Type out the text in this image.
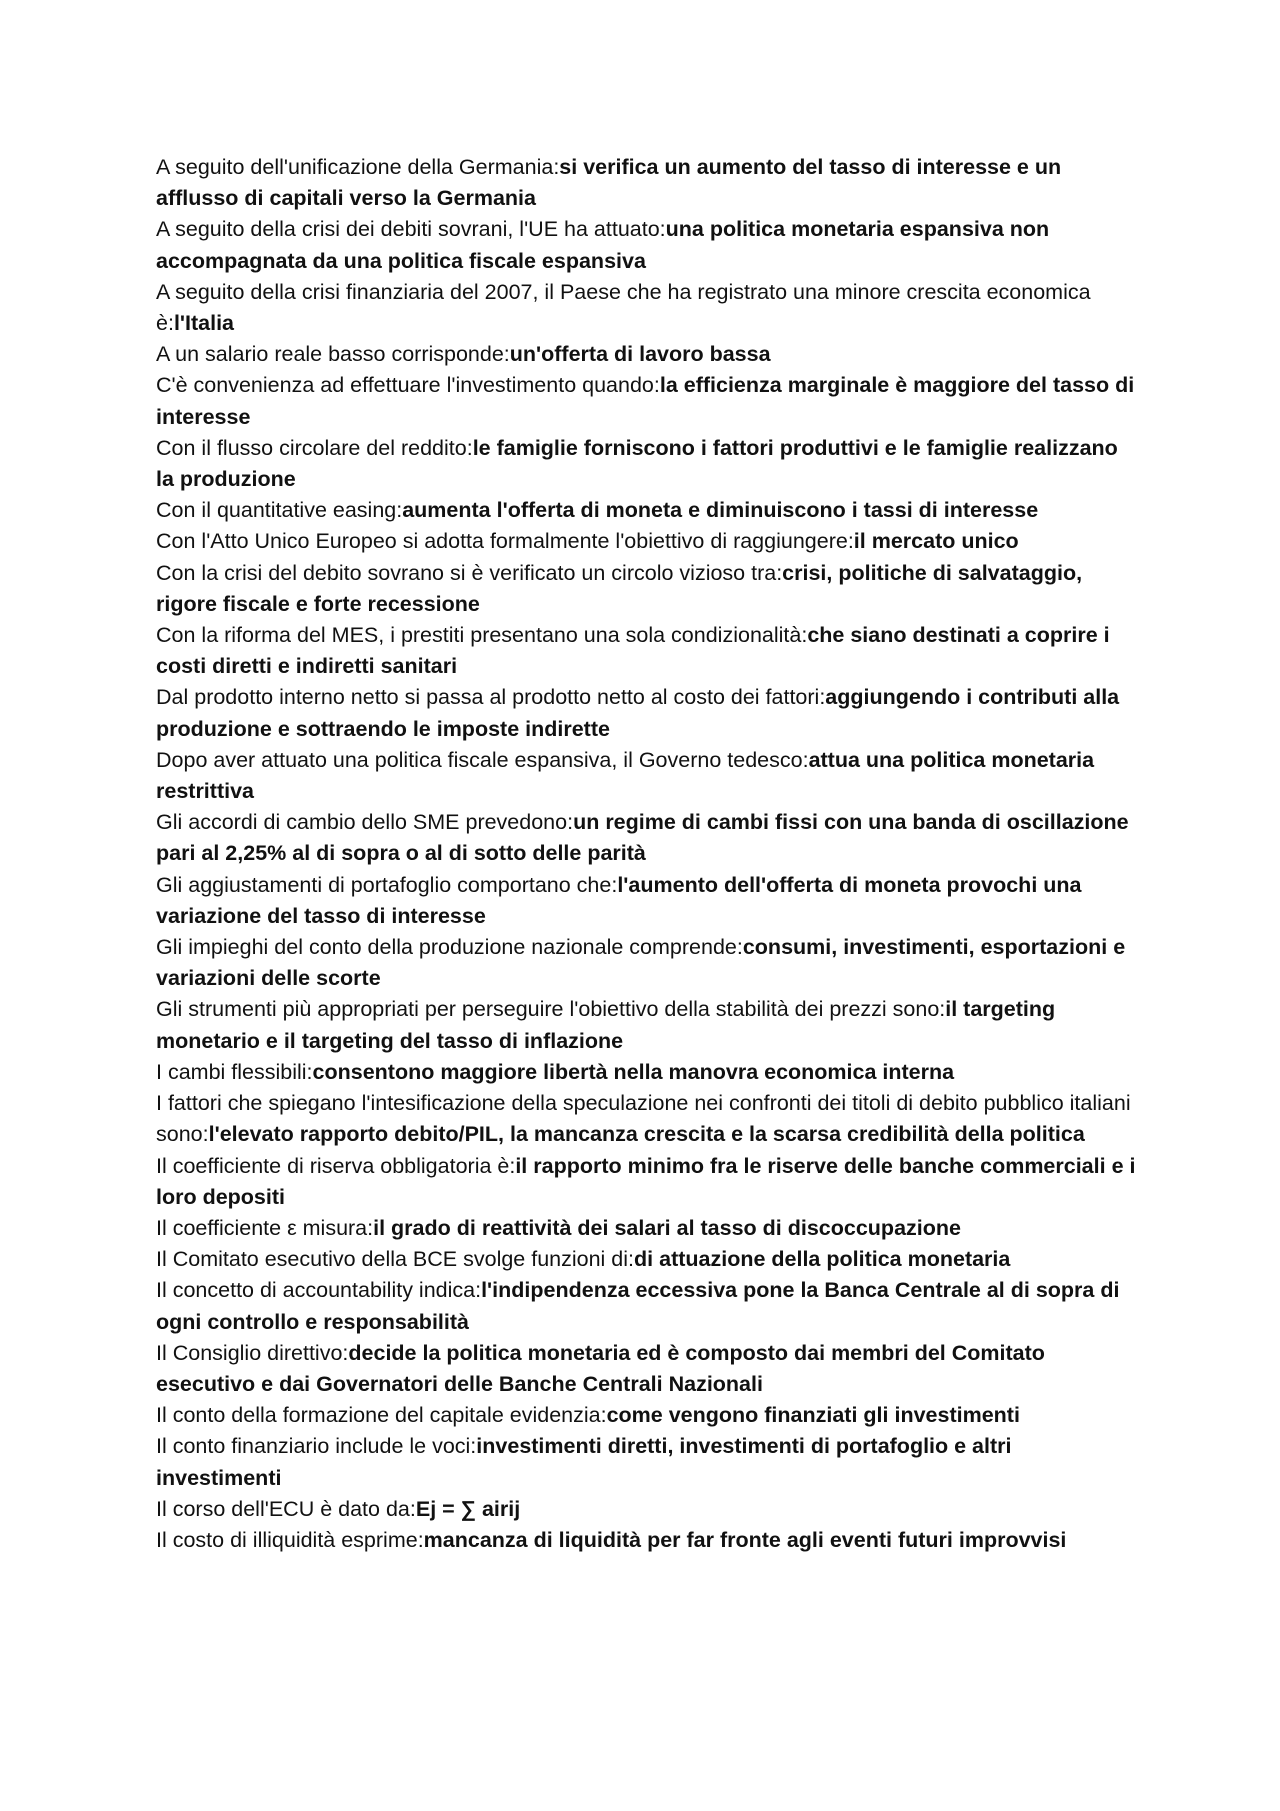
A seguito dell'unificazione della Germania:si verifica un aumento del tasso di interesse e un afflusso di capitali verso la Germania

A seguito della crisi dei debiti sovrani, l'UE ha attuato:una politica monetaria espansiva non accompagnata da una politica fiscale espansiva

A seguito della crisi finanziaria del 2007, il Paese che ha registrato una minore crescita economica è:l'Italia

A un salario reale basso corrisponde:un'offerta di lavoro bassa

C'è convenienza ad effettuare l'investimento quando:la efficienza marginale è maggiore del tasso di interesse

Con il flusso circolare del reddito:le famiglie forniscono i fattori produttivi e le famiglie realizzano la produzione

Con il quantitative easing:aumenta l'offerta di moneta e diminuiscono i tassi di interesse

Con l'Atto Unico Europeo si adotta formalmente l'obiettivo di raggiungere:il mercato unico

Con la crisi del debito sovrano si è verificato un circolo vizioso tra:crisi, politiche di salvataggio, rigore fiscale e forte recessione

Con la riforma del MES, i prestiti presentano una sola condizionalità:che siano destinati a coprire i costi diretti e indiretti sanitari

Dal prodotto interno netto si passa al prodotto netto al costo dei fattori:aggiungendo i contributi alla produzione e sottraendo le imposte indirette

Dopo aver attuato una politica fiscale espansiva, il Governo tedesco:attua una politica monetaria restrittiva

Gli accordi di cambio dello SME prevedono:un regime di cambi fissi con una banda di oscillazione pari al 2,25% al di sopra o al di sotto delle parità

Gli aggiustamenti di portafoglio comportano che:l'aumento dell'offerta di moneta provochi una variazione del tasso di interesse

Gli impieghi del conto della produzione nazionale comprende:consumi, investimenti, esportazioni e variazioni delle scorte

Gli strumenti più appropriati per perseguire l'obiettivo della stabilità dei prezzi sono:il targeting monetario e il targeting del tasso di inflazione

I cambi flessibili:consentono maggiore libertà nella manovra economica interna

I fattori che spiegano l'intesificazione della speculazione nei confronti dei titoli di debito pubblico italiani sono:l'elevato rapporto debito/PIL, la mancanza crescita e la scarsa credibilità della politica

Il coefficiente di riserva obbligatoria è:il rapporto minimo fra le riserve delle banche commerciali e i loro depositi

Il coefficiente ε misura:il grado di reattività dei salari al tasso di discoccupazione

Il Comitato esecutivo della BCE svolge funzioni di:di attuazione della politica monetaria

Il concetto di accountability indica:l'indipendenza eccessiva pone la Banca Centrale al di sopra di ogni controllo e responsabilità

Il Consiglio direttivo:decide la politica monetaria ed è composto dai membri del Comitato esecutivo e dai Governatori delle Banche Centrali Nazionali

Il conto della formazione del capitale evidenzia:come vengono finanziati gli investimenti

Il conto finanziario include le voci:investimenti diretti, investimenti di portafoglio e altri investimenti

Il corso dell'ECU è dato da:Ej = ∑ airij

Il costo di illiquidità esprime:mancanza di liquidità per far fronte agli eventi futuri improvvisi
